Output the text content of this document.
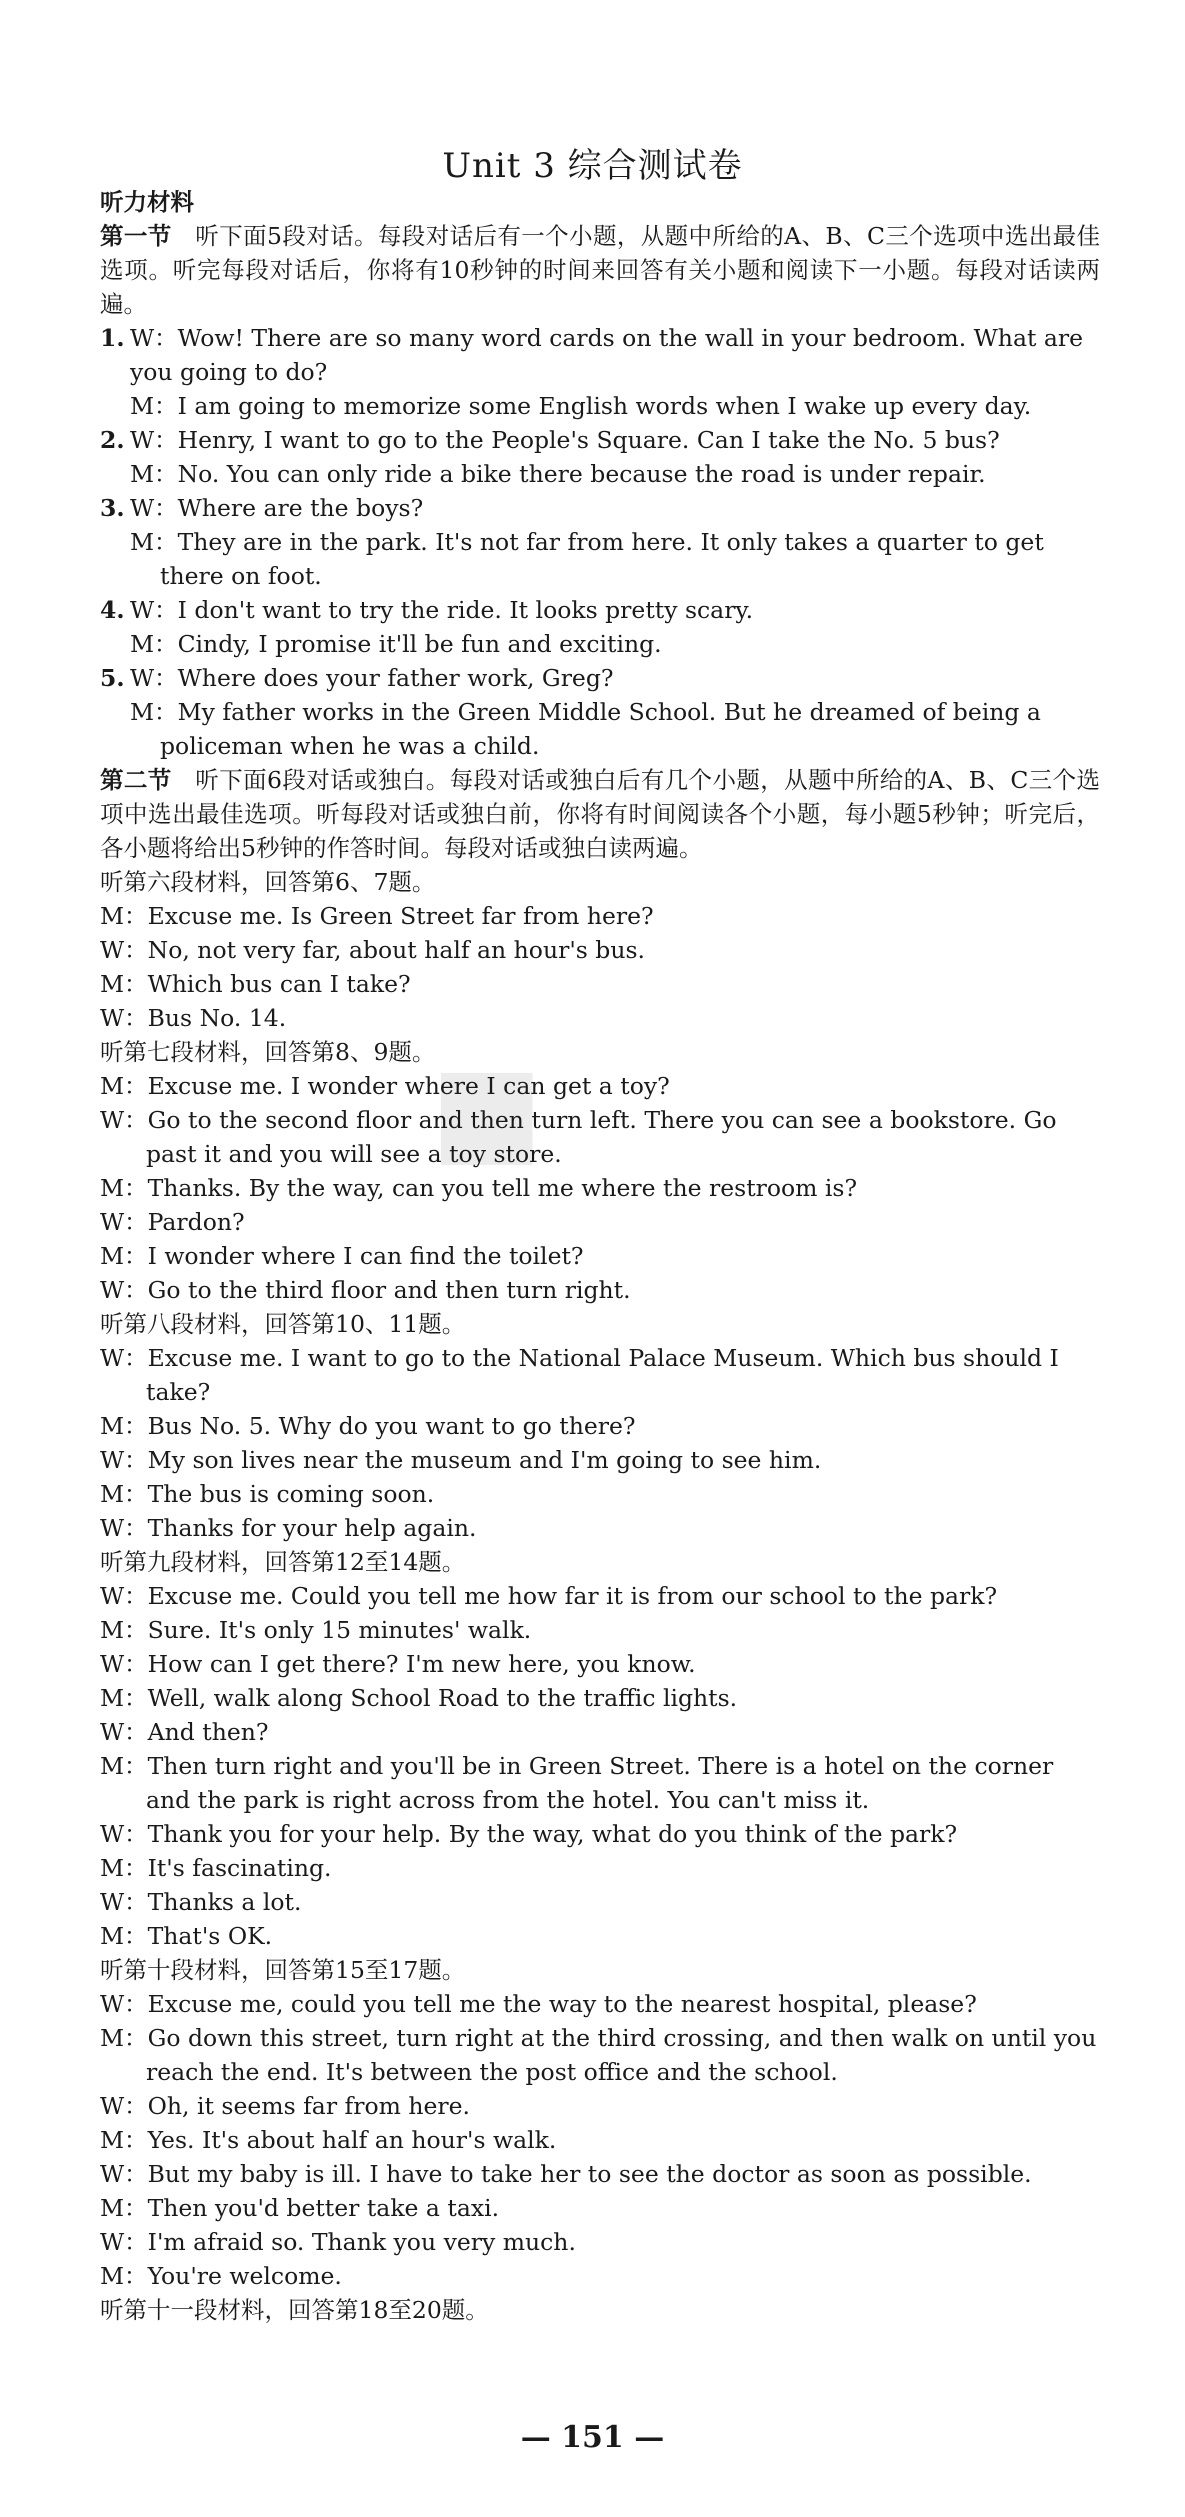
■
Unit 3 综合测试卷

听力材料

第一节 听下面5段对话。每段对话后有一个小题，从题中所给的A、B、C三个选项中选出最佳选项。听完每段对话后，你将有10秒钟的时间来回答有关小题和阅读下一小题。每段对话读两遍。

1. W：Wow! There are so many word cards on the wall in your bedroom. What are you going to do?

M：I am going to memorize some English words when I wake up every day.

2. W：Henry, I want to go to the People's Square. Can I take the No. 5 bus?

M：No. You can only ride a bike there because the road is under repair.

3. W：Where are the boys?

M：They are in the park. It's not far from here. It only takes a quarter to get there on foot.

4. W：I don't want to try the ride. It looks pretty scary.

M：Cindy, I promise it'll be fun and exciting.

5. W：Where does your father work, Greg?

M：My father works in the Green Middle School. But he dreamed of being a policeman when he was a child.

第二节 听下面6段对话或独白。每段对话或独白后有几个小题，从题中所给的A、B、C三个选项中选出最佳选项。听每段对话或独白前，你将有时间阅读各个小题，每小题5秒钟；听完后，各小题将给出5秒钟的作答时间。每段对话或独白读两遍。

听第六段材料，回答第6、7题。

M：Excuse me. Is Green Street far from here?

W：No, not very far, about half an hour's bus.

M：Which bus can I take?

W：Bus No. 14.

听第七段材料，回答第8、9题。

M：Excuse me. I wonder where I can get a toy?

W：Go to the second floor and then turn left. There you can see a bookstore. Go past it and you will see a toy store.

M：Thanks. By the way, can you tell me where the restroom is?

W：Pardon?

M：I wonder where I can find the toilet?

W：Go to the third floor and then turn right.

听第八段材料，回答第10、11题。

W：Excuse me. I want to go to the National Palace Museum. Which bus should I take?

M：Bus No. 5. Why do you want to go there?

W：My son lives near the museum and I'm going to see him.

M：The bus is coming soon.

W：Thanks for your help again.

听第九段材料，回答第12至14题。

W：Excuse me. Could you tell me how far it is from our school to the park?

M：Sure. It's only 15 minutes' walk.

W：How can I get there? I'm new here, you know.

M：Well, walk along School Road to the traffic lights.

W：And then?

M：Then turn right and you'll be in Green Street. There is a hotel on the corner and the park is right across from the hotel. You can't miss it.

W：Thank you for your help. By the way, what do you think of the park?

M：It's fascinating.

W：Thanks a lot.

M：That's OK.

听第十段材料，回答第15至17题。

W：Excuse me, could you tell me the way to the nearest hospital, please?

M：Go down this street, turn right at the third crossing, and then walk on until you reach the end. It's between the post office and the school.

W：Oh, it seems far from here.

M：Yes. It's about half an hour's walk.

W：But my baby is ill. I have to take her to see the doctor as soon as possible.

M：Then you'd better take a taxi.

W：I'm afraid so. Thank you very much.

M：You're welcome.

听第十一段材料，回答第18至20题。

— 151 —
